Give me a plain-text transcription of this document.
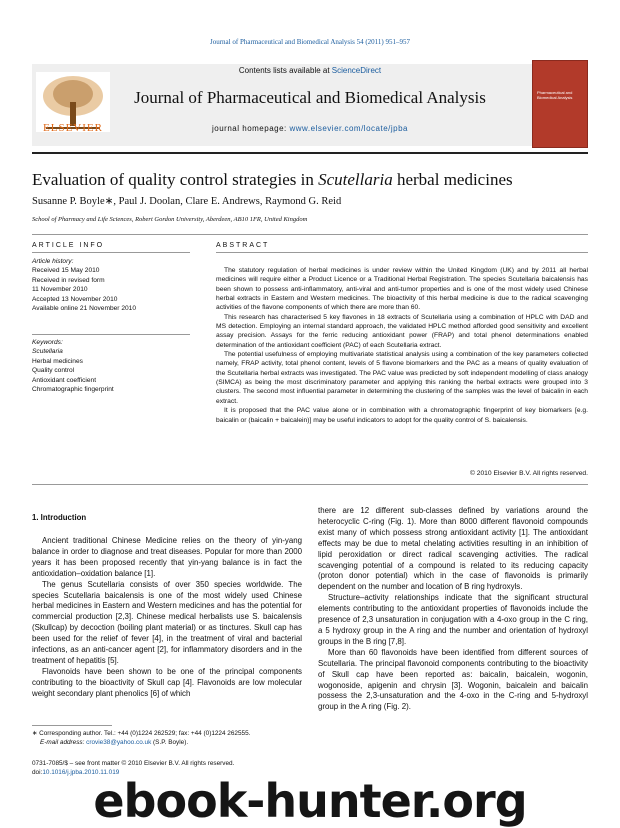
Journal of Pharmaceutical and Biomedical Analysis 54 (2011) 951–957
ELSEVIER
Contents lists available at ScienceDirect
Journal of Pharmaceutical and Biomedical Analysis
journal homepage: www.elsevier.com/locate/jpba
Pharmaceutical and Biomedical Analysis
Evaluation of quality control strategies in Scutellaria herbal medicines
Susanne P. Boyle∗, Paul J. Doolan, Clare E. Andrews, Raymond G. Reid
School of Pharmacy and Life Sciences, Robert Gordon University, Aberdeen, AB10 1FR, United Kingdom
ARTICLE INFO
Article history:
Received 15 May 2010
Received in revised form
11 November 2010
Accepted 13 November 2010
Available online 21 November 2010
Keywords:
Scutellaria
Herbal medicines
Quality control
Antioxidant coefficient
Chromatographic fingerprint
ABSTRACT

The statutory regulation of herbal medicines is under review within the United Kingdom (UK) and by 2011 all herbal medicines will require either a Product Licence or a Traditional Herbal Registration. The species Scutellaria baicalensis has been shown to possess anti-inflammatory, anti-viral and anti-tumor properties and is one of the most widely used Chinese herbal extracts in Eastern and Western medicines. The bioactivity of this herbal medicine is due to the radical scavenging activities of the flavone components of which there are more than 60.

This research has characterised 5 key flavones in 18 extracts of Scutellaria using a combination of HPLC with DAD and MS detection. Employing an internal standard approach, the validated HPLC method afforded good sensitivity and excellent assay precision. Assays for the ferric reducing antioxidant power (FRAP) and total phenol determinations enabled determination of the antioxidant coefficient (PAC) of each Scutellaria extract.

The potential usefulness of employing multivariate statistical analysis using a combination of the key parameters collected namely, FRAP activity, total phenol content, levels of 5 flavone biomarkers and the PAC as a means of quality evaluation of the Scutellaria herbal extracts was investigated. The PAC value was predicted by soft independent modelling of class analogy (SIMCA) as being the most discriminatory parameter and applying this ranking the herbal extracts were grouped into 3 clusters. The second most influential parameter in determining the clustering of the samples was the level of baicalin in each extract.

It is proposed that the PAC value alone or in combination with a chromatographic fingerprint of key biomarkers [e.g. baicalin or (baicalin + baicalein)] may be useful indicators to adopt for the quality control of S. baicalensis.

© 2010 Elsevier B.V. All rights reserved.
1. Introduction

Ancient traditional Chinese Medicine relies on the theory of yin-yang balance in order to diagnose and treat diseases. Popular for more than 2000 years it has been proposed recently that yin-yang balance is in fact the antioxidation–oxidation balance [1].

The genus Scutellaria consists of over 350 species worldwide. The species Scutellaria baicalensis is one of the most widely used Chinese herbal medicines in Eastern and Western medicines and has the potential for commercial production [2,3]. Chinese medical herbalists use S. baicalensis (Skullcap) by decoction (boiling plant material) or as tinctures. Skull cap has been used for the relief of fever [4], in the treatment of viral and bacterial infections, as an anti-cancer agent [2], for inflammatory disorders and in the treatment of hepatitis [5].

Flavonoids have been shown to be one of the principal components contributing to the bioactivity of Skull cap [4]. Flavonoids are low molecular weight secondary plant phenolics [6] of which

there are 12 different sub-classes defined by variations around the heterocyclic C-ring (Fig. 1). More than 8000 different flavonoid compounds exist many of which possess strong antioxidant activity [1]. The antioxidant effects may be due to metal chelating activities resulting in an inhibition of lipid peroxidation or direct radical scavenging activities. The radical scavenging potential of a compound is related to its reducing capacity (proton donor potential) which in the case of flavonoids is primarily dependent on the number and location of B ring hydroxyls.

Structure–activity relationships indicate that the significant structural elements contributing to the antioxidant properties of flavonoids include the presence of 2,3 unsaturation in conjugation with a 4-oxo group in the C ring, a 5 hydroxy group in the A ring and the number and orientation of hydroxyl groups in the B ring [7,8].

More than 60 flavonoids have been identified from different sources of Scutellaria. The principal flavonoid components contributing to the bioactivity of Skull cap have been reported as: baicalin, baicalein, wogonin, wogonoside, apigenin and chrysin [3]. Wogonin, baicalein and baicalin possess the 2,3-unsaturation and the 4-oxo in the C-ring and 5-hydroxyl group in the A ring (Fig. 2).

∗ Corresponding author. Tel.: +44 (0)1224 262529; fax: +44 (0)1224 262555.
E-mail address: crovie38@yahoo.co.uk (S.P. Boyle).
0731-7085/$ – see front matter © 2010 Elsevier B.V. All rights reserved.
doi:10.1016/j.jpba.2010.11.019
ebook-hunter.org
